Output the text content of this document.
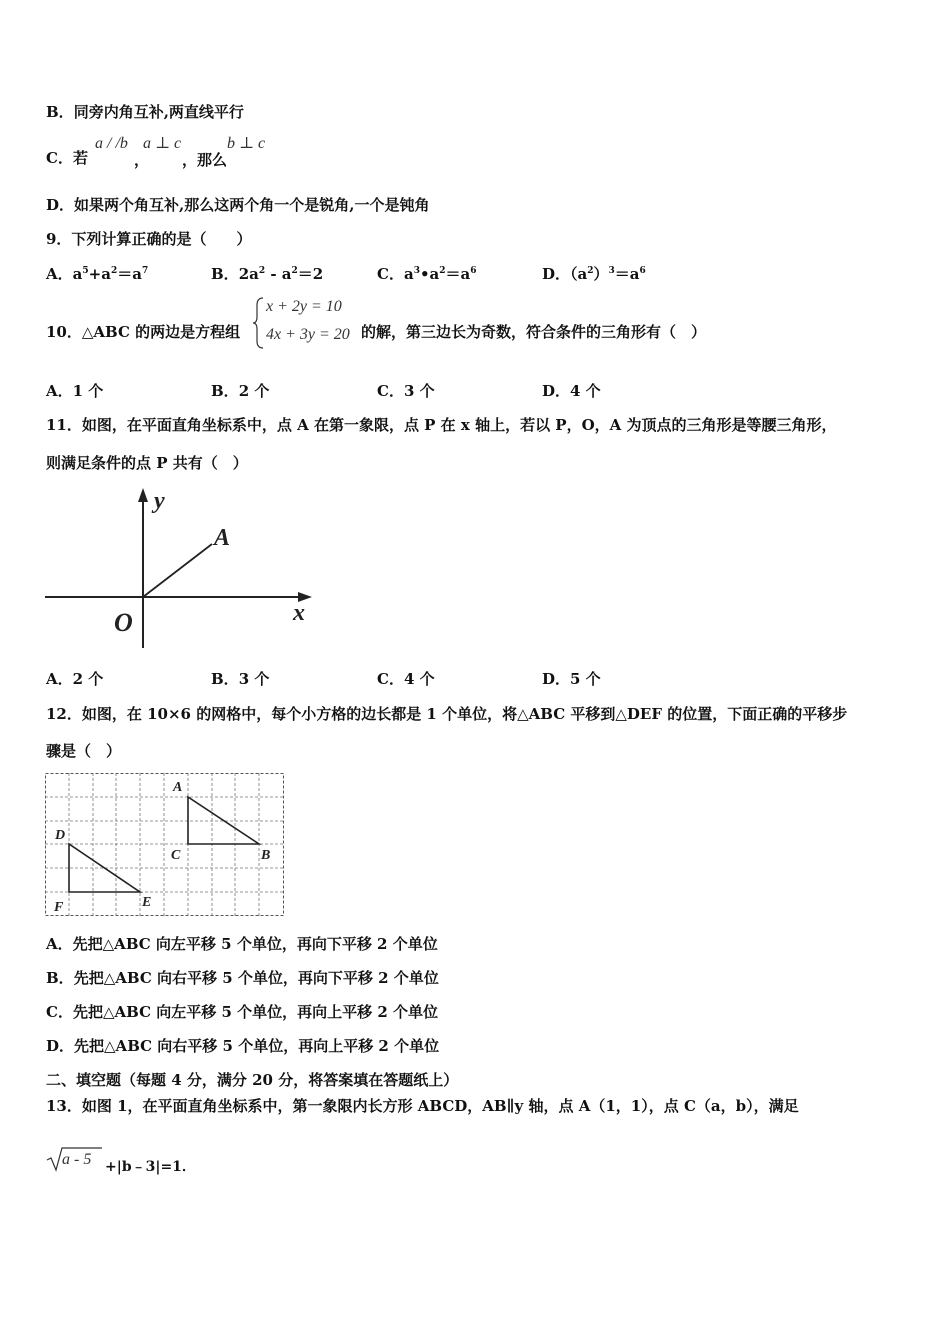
B．同旁内角互补,两直线平行
C．若
a / /b
，
a ⊥ c
，那么
b ⊥ c
D．如果两个角互补,那么这两个角一个是锐角,一个是钝角
9．下列计算正确的是（　　）
A．$a^5+a^2=a^7$	B．$2a^2 - a^2=2$	C．$a^3•a^2=a^6$	D．$(a^2)^3=a^6$
10．△ABC 的两边是方程组
x + 2y = 10
4x + 3y = 20 的解，第三边长为奇数，符合条件的三角形有（　）
A．1 个	B．2 个	C．3 个	D．4 个
11．如图，在平面直角坐标系中，点 A 在第一象限，点 P 在 x 轴上，若以 P，O，A 为顶点的三角形是等腰三角形，
则满足条件的点 P 共有（　）
y
x
O
A
A．2 个	B．3 个	C．4 个	D．5 个
12．如图，在 10×6 的网格中，每个小方格的边长都是 1 个单位，将△ABC 平移到△DEF 的位置，下面正确的平移步
骤是（　）
A
B
C
D
E
F
A．先把△ABC 向左平移 5 个单位，再向下平移 2 个单位
B．先把△ABC 向右平移 5 个单位，再向下平移 2 个单位
C．先把△ABC 向左平移 5 个单位，再向上平移 2 个单位
D．先把△ABC 向右平移 5 个单位，再向上平移 2 个单位
二、填空题（每题 4 分，满分 20 分，将答案填在答题纸上）
13．如图 1，在平面直角坐标系中，第一象限内长方形 ABCD，AB∥y 轴，点 A（1，1），点 C（a，b），满足
a - 5 +|b﹣3|=1．
